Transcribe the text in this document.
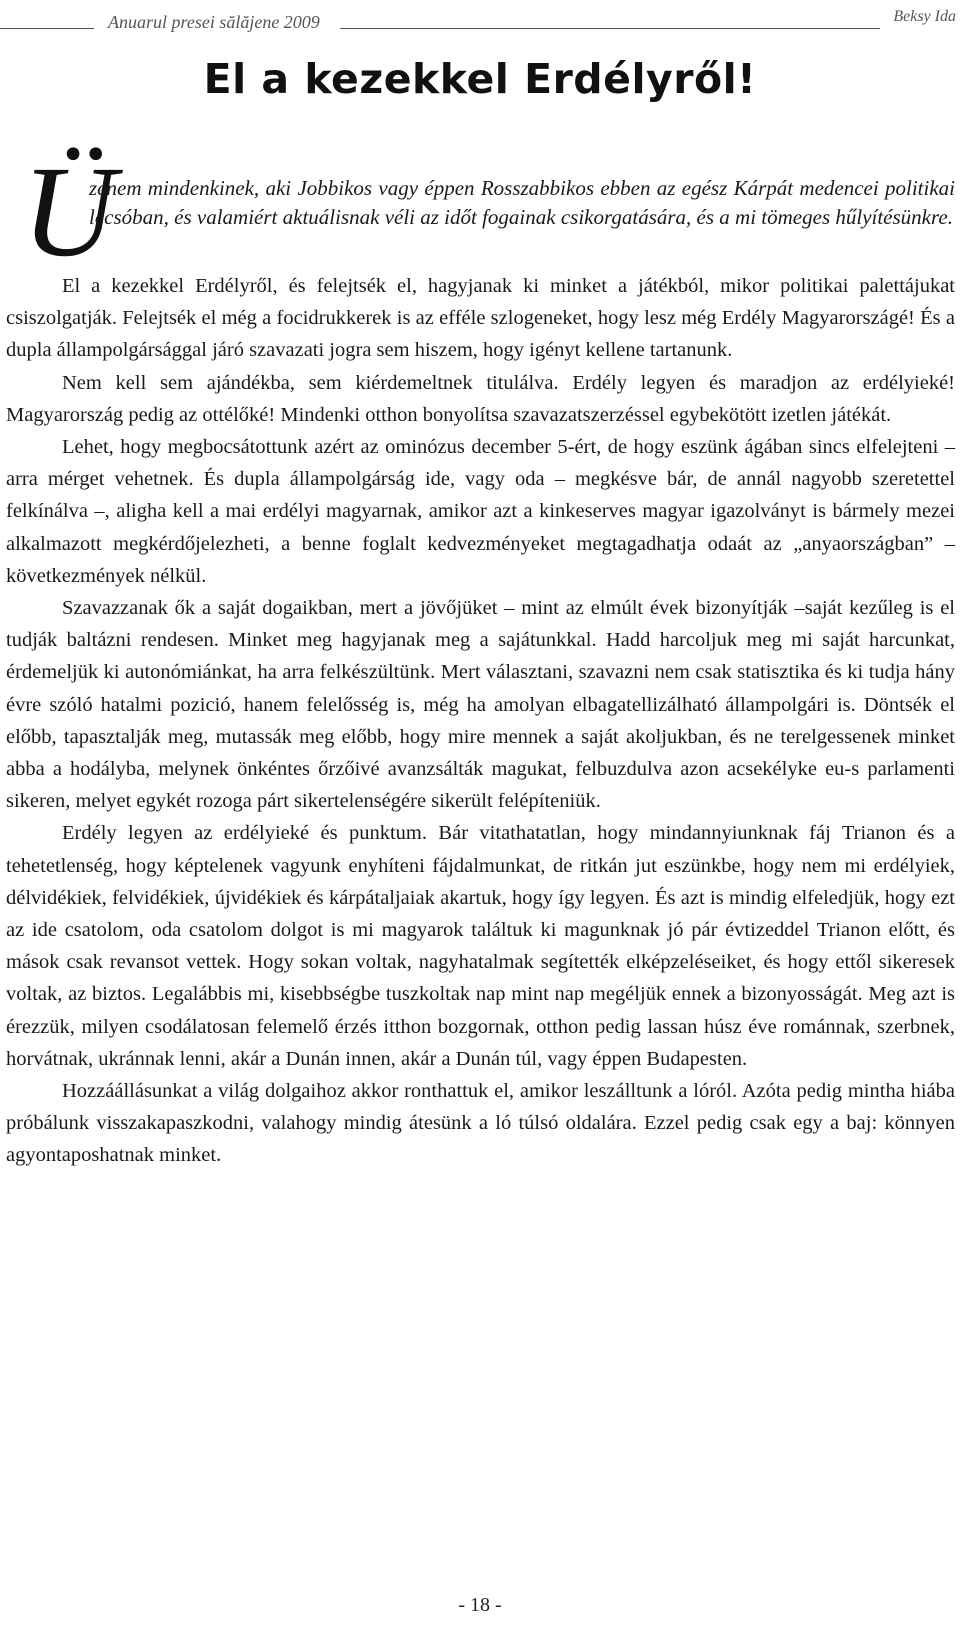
Anuarul presei sălăjene 2009	Beksy Ida
El a kezekkel Erdélyről!
Ü

zenem mindenkinek, aki Jobbikos vagy éppen Rosszabbikos ebben az egész Kárpát medencei politikai lecsóban, és valamiért aktuálisnak véli az időt fogainak csikorgatására, és a mi tömeges hűlyítésünkre.

El a kezekkel Erdélyről, és felejtsék el, hagyjanak ki minket a játékból, mikor politikai palettájukat csiszolgatják. Felejtsék el még a focidrukkerek is az efféle szlogeneket, hogy lesz még Erdély Magyarországé! És a dupla állampolgársággal járó szavazati jogra sem hiszem, hogy igényt kellene tartanunk.

Nem kell sem ajándékba, sem kiérdemeltnek titulálva. Erdély legyen és maradjon az erdélyieké! Magyarország pedig az ottélőké! Mindenki otthon bonyolítsa szavazatszerzéssel egybekötött izetlen játékát.

Lehet, hogy megbocsátottunk azért az ominózus december 5-ért, de hogy eszünk ágában sincs elfelejteni – arra mérget vehetnek. És dupla állampolgárság ide, vagy oda – megkésve bár, de annál nagyobb szeretettel felkínálva –, aligha kell a mai erdélyi magyarnak, amikor azt a kinkeserves magyar igazolványt is bármely mezei alkalmazott megkérdőjelezheti, a benne foglalt kedvezményeket megtagadhatja odaát az „anyaországban” – következmények nélkül.

Szavazzanak ők a saját dogaikban, mert a jövőjüket – mint az elmúlt évek bizonyítják –saját kezűleg is el tudják baltázni rendesen. Minket meg hagyjanak meg a sajátunkkal. Hadd harcoljuk meg mi saját harcunkat, érdemeljük ki autonómiánkat, ha arra felkészültünk. Mert választani, szavazni nem csak statisztika és ki tudja hány évre szóló hatalmi pozició, hanem felelősség is, még ha amolyan elbagatellizálható állampolgári is. Döntsék el előbb, tapasztalják meg, mutassák meg előbb, hogy mire mennek a saját akoljukban, és ne terelgessenek minket abba a hodályba, melynek önkéntes őrzőivé avanzsálták magukat, felbuzdulva azon acsekélyke eu-s parlamenti sikeren, melyet egykét rozoga párt sikertelenségére sikerült felépíteniük.

Erdély legyen az erdélyieké és punktum. Bár vitathatatlan, hogy mindannyiunknak fáj Trianon és a tehetetlenség, hogy képtelenek vagyunk enyhíteni fájdalmunkat, de ritkán jut eszünkbe, hogy nem mi erdélyiek, délvidékiek, felvidékiek, újvidékiek és kárpátaljaiak akartuk, hogy így legyen. És azt is mindig elfeledjük, hogy ezt az ide csatolom, oda csatolom dolgot is mi magyarok találtuk ki magunknak jó pár évtizeddel Trianon előtt, és mások csak revansot vettek. Hogy sokan voltak, nagyhatalmak segítették elképzeléseiket, és hogy ettől sikeresek voltak, az biztos. Legalábbis mi, kisebbségbe tuszkoltak nap mint nap megéljük ennek a bizonyosságát. Meg azt is érezzük, milyen csodálatosan felemelő érzés itthon bozgornak, otthon pedig lassan húsz éve románnak, szerbnek, horvátnak, ukránnak lenni, akár a Dunán innen, akár a Dunán túl, vagy éppen Budapesten.

Hozzáállásunkat a világ dolgaihoz akkor ronthattuk el, amikor leszálltunk a lóról. Azóta pedig mintha hiába próbálunk visszakapaszkodni, valahogy mindig átesünk a ló túlsó oldalára. Ezzel pedig csak egy a baj: könnyen agyontaposhatnak minket.

- 18 -
